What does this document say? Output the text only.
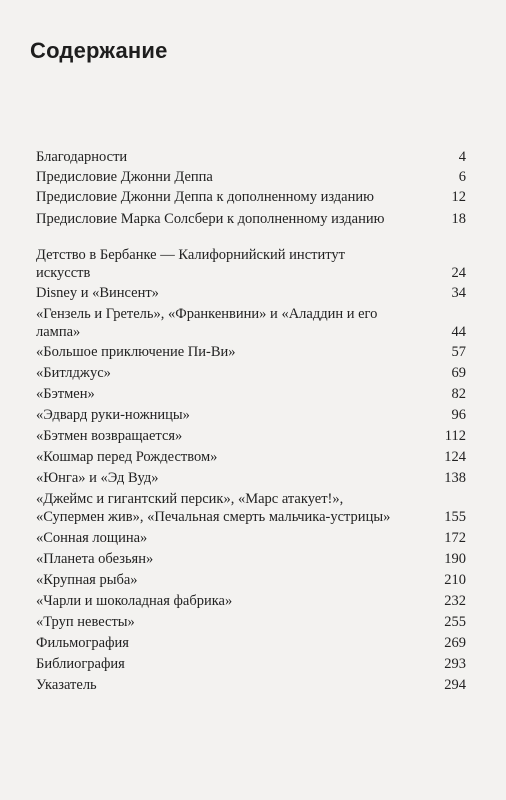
Содержание
Благодарности	4
Предисловие Джонни Деппа	6
Предисловие Джонни Деппа к дополненному изданию	12
Предисловие Марка Солсбери к дополненному изданию	18
Детство в Бербанке — Калифорнийский институт искусств	24
Disney и «Винсент»	34
«Гензель и Гретель», «Франкенвини» и «Аладдин и его лампа»	44
«Большое приключение Пи-Ви»	57
«Битлджус»	69
«Бэтмен»	82
«Эдвард руки-ножницы»	96
«Бэтмен возвращается»	112
«Кошмар перед Рождеством»	124
«Юнга» и «Эд Вуд»	138
«Джеймс и гигантский персик», «Марс атакует!», «Супермен жив», «Печальная смерть мальчика-устрицы»	155
«Сонная лощина»	172
«Планета обезьян»	190
«Крупная рыба»	210
«Чарли и шоколадная фабрика»	232
«Труп невесты»	255
Фильмография	269
Библиография	293
Указатель	294
